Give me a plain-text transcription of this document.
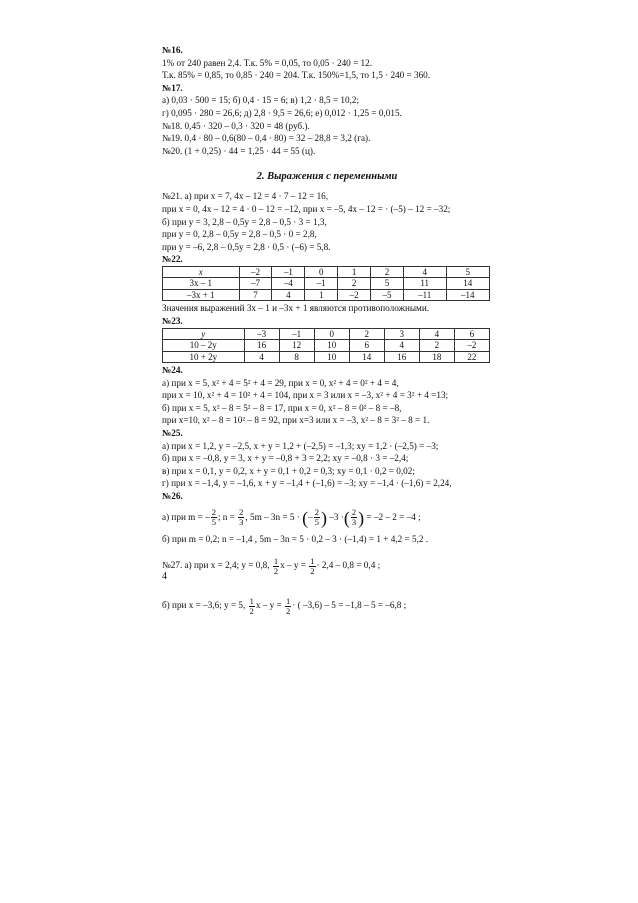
№16.
1% от 240 равен 2,4. Т.к. 5% = 0,05, то 0,05 · 240 = 12.
Т.к. 85% = 0,85, то 0,85 · 240 = 204. Т.к. 150%=1,5, то 1,5 · 240 = 360.
№17.
а) 0,03 · 500 = 15; б) 0,4 · 15 = 6; в) 1,2 · 8,5 = 10,2;
г) 0,095 · 280 = 26,6; д) 2,8 · 9,5 = 26,6; е) 0,012 · 1,25 = 0,015.
№18. 0,45 · 320 – 0,3 · 320 = 48 (руб.).
№19. 0,4 · 80 – 0,6(80 – 0,4 · 80) = 32 – 28,8 = 3,2 (га).
№20. (1 + 0,25) · 44 = 1,25 · 44 = 55 (ц).
2. Выражения с переменными
№21. а) при x = 7, 4x – 12 = 4 · 7 – 12 = 16,
при x = 0, 4x – 12 = 4 · 0 – 12 = –12, при x = –5, 4x – 12 = · (–5) – 12 = –32;
б) при y = 3, 2,8 – 0,5y = 2,8 – 0,5 · 3 = 1,3,
при y = 0, 2,8 – 0,5y = 2,8 – 0,5 · 0 = 2,8,
при y = –6, 2,8 – 0,5y = 2,8 · 0,5 · (–6) = 5,8.
№22.
x	–2	–1	0	1	2	4	5
3x – 1	–7	–4	–1	2	5	11	14
–3x + 1	7	4	1	–2	–5	–11	–14
Значения выражений 3x – 1 и –3x + 1 являются противоположными.
№23.
y	–3	–1	0	2	3	4	6
10 – 2y	16	12	10	6	4	2	–2
10 + 2y	4	8	10	14	16	18	22
№24.
а) при x = 5, x² + 4 = 5² + 4 = 29, при x = 0, x² + 4 = 0² + 4 = 4,
при x = 10, x² + 4 = 10² + 4 = 104, при x = 3 или x = –3, x² + 4 = 3² + 4 =13;
б) при x = 5, x² – 8 = 5² – 8 = 17, при x = 0, x² – 8 = 0² – 8 = –8,
при x=10, x² – 8 = 10² – 8 = 92, при x=3 или x = –3, x² – 8 = 3² – 8 = 1.
№25.
а) при x = 1,2, y = –2,5, x + y = 1,2 + (–2,5) = –1,3; xy = 1,2 · (–2,5) = –3;
б) при x = –0,8, y = 3, x + y = –0,8 + 3 = 2,2; xy = –0,8 · 3 = –2,4;
в) при x = 0,1, y = 0,2, x + y = 0,1 + 0,2 = 0,3; xy = 0,1 · 0,2 = 0,02;
г) при x = –1,4, y = –1,6, x + y = –1,4 + (–1,6) = –3; xy = –1,4 · (–1,6) = 2,24,
№26.
а) при m = – $\frac{2}{5}$ ; $n = \frac{2}{3}$ , 5m – 3n = 5 · (– $\frac{2}{5}$ ) –3 ·( $\frac{2}{3}$ ) = –2 – 2 = –4 ;
б) при m = 0,2; n = –1,4 , 5m – 3n = 5 · 0,2 – 3 · (–1,4) = 1 + 4,2 = 5,2 .
№27. а) при x = 2,4; y = 0,8, $\frac{1}{2}$ $x - y = \frac{1}{2} \cdot 2,4 - 0,8 = 0,4$ ;
б) при x = –3,6; y = 5, $\frac{1}{2}$ $x - y = \frac{1}{2}$ · ( –3,6) – 5 = –1,8 – 5 = –6,8 ;
4
